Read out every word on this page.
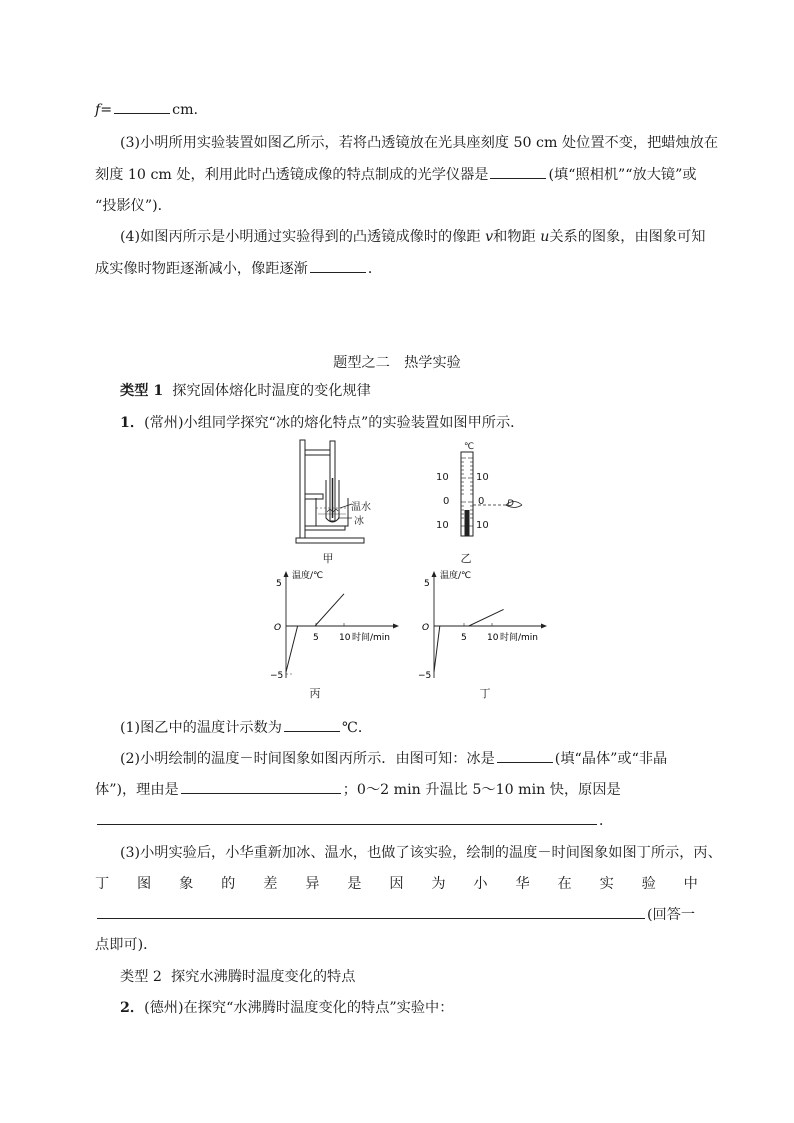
f=	cm.
(3)小明所用实验装置如图乙所示，若将凸透镜放在光具座刻度 50 cm 处位置不变，把蜡烛放在
刻度 10 cm 处，利用此时凸透镜成像的特点制成的光学仪器是	(填“照相机”“放大镜”或
“投影仪”)．
(4)如图丙所示是小明通过实验得到的凸透镜成像时的像距 v和物距 u关系的图象，由图象可知
成实像时物距逐渐减小，像距逐渐	．
题型之二　热学实验
类型 1 探究固体熔化时温度的变化规律
1．(常州)小组同学探究“冰的熔化特点”的实验装置如图甲所示．
温水
冰
甲
℃
10
0
10
10
0
10
D
乙
温度/℃
时间/min
5
O
−5
5 10
丙
温度/℃
时间/min
5
O
−5
5 10
丁
(1)图乙中的温度计示数为	℃．
(2)小明绘制的温度－时间图象如图丙所示．由图可知：冰是	(填“晶体”或“非晶
体”)，理由是	；0～2 min 升温比 5～10 min 快，原因是
．
(3)小明实验后，小华重新加冰、温水，也做了该实验，绘制的温度－时间图象如图丁所示，丙、
丁 图 象 的 差 异 是 因 为 小 华 在 实 验 中
(回答一
点即可)．
类型 2 探究水沸腾时温度变化的特点
2．(德州)在探究“水沸腾时温度变化的特点”实验中：
